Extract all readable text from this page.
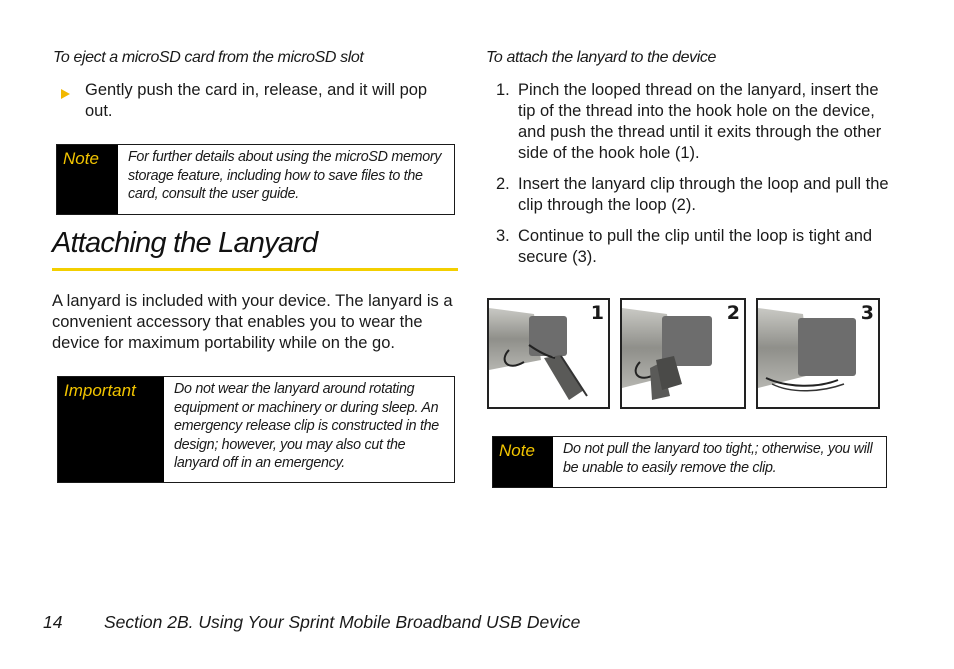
To eject a microSD card from the microSD slot
Gently push the card in, release, and it will pop out.
Note	For further details about using the microSD memory storage feature, including how to save files to the card, consult the user guide.
Attaching the Lanyard
A lanyard is included with your device. The lanyard is a convenient accessory that enables you to wear the device for maximum portability while on the go.
Important	Do not wear the lanyard around rotating equipment or machinery or during sleep. An emergency release clip is constructed in the design; however, you may also cut the lanyard off in an emergency.
To attach the lanyard to the device
1. Pinch the looped thread on the lanyard, insert the tip of the thread into the hook hole on the device, and push the thread until it exits through the other side of the hook hole (1).
2. Insert the lanyard clip through the loop and pull the clip through the loop (2).
3. Continue to pull the clip until the loop is tight and secure (3).
1	2	3
Note	Do not pull the lanyard too tight,; otherwise, you will be unable to easily remove the clip.
14 Section 2B. Using Your Sprint Mobile Broadband USB Device
